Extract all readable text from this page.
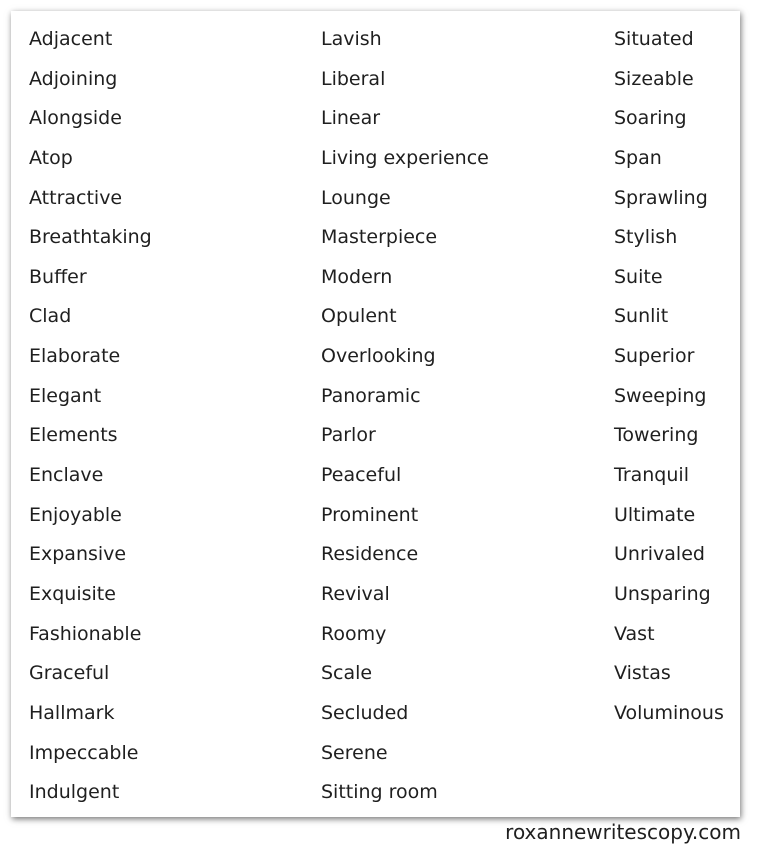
Adjacent
Adjoining
Alongside
Atop
Attractive
Breathtaking
Buffer
Clad
Elaborate
Elegant
Elements
Enclave
Enjoyable
Expansive
Exquisite
Fashionable
Graceful
Hallmark
Impeccable
Indulgent
Lavish
Liberal
Linear
Living experience
Lounge
Masterpiece
Modern
Opulent
Overlooking
Panoramic
Parlor
Peaceful
Prominent
Residence
Revival
Roomy
Scale
Secluded
Serene
Sitting room
Situated
Sizeable
Soaring
Span
Sprawling
Stylish
Suite
Sunlit
Superior
Sweeping
Towering
Tranquil
Ultimate
Unrivaled
Unsparing
Vast
Vistas
Voluminous
roxannewritescopy.com
